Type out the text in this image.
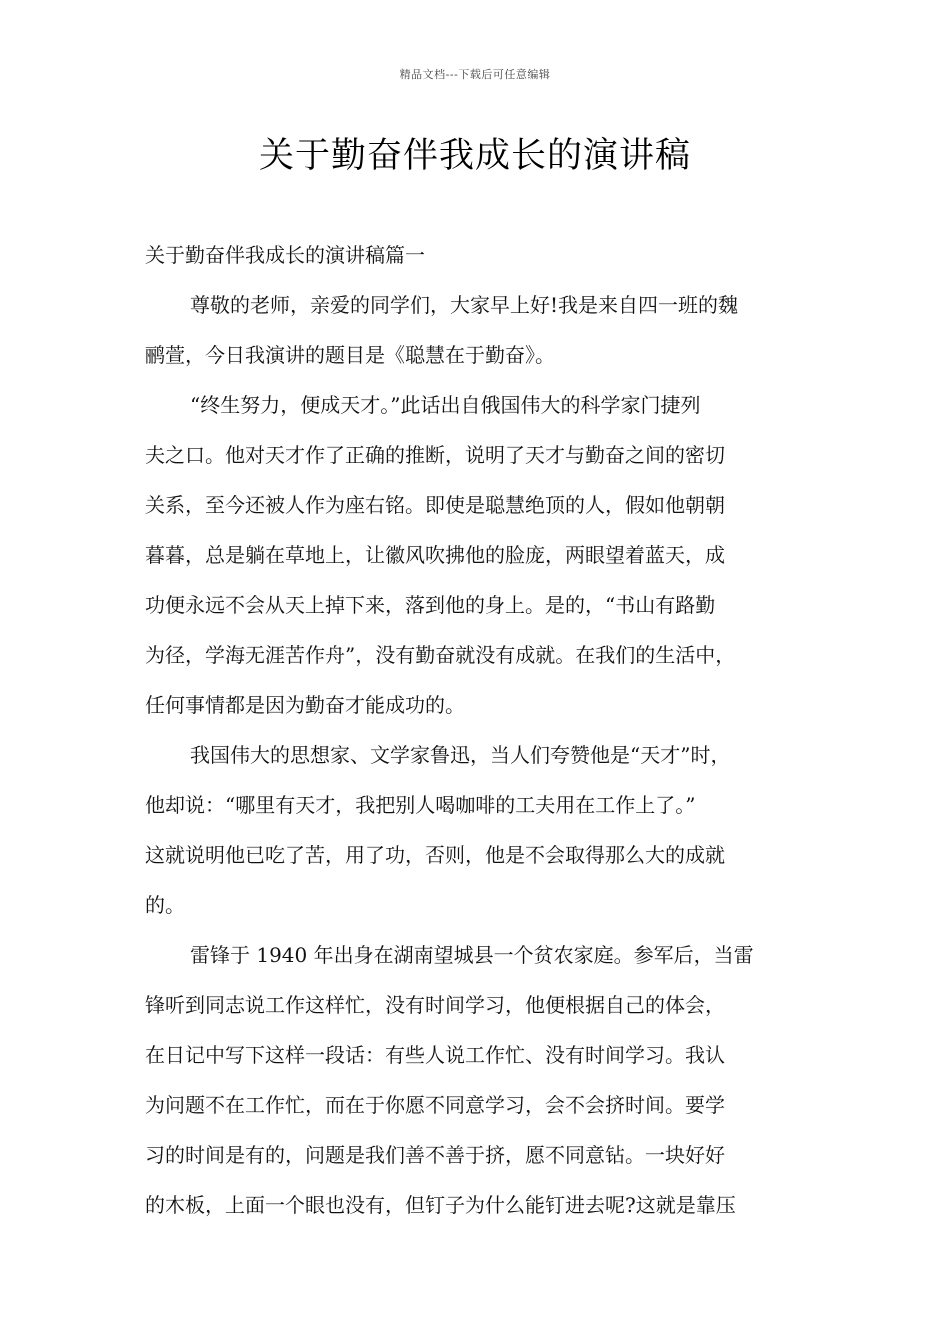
精品文档---下载后可任意编辑
关于勤奋伴我成长的演讲稿
关于勤奋伴我成长的演讲稿篇一
尊敬的老师，亲爱的同学们，大家早上好!我是来自四一班的魏
鹂萱，今日我演讲的题目是《聪慧在于勤奋》。
“终生努力，便成天才。”此话出自俄国伟大的科学家门捷列
夫之口。他对天才作了正确的推断，说明了天才与勤奋之间的密切
关系，至今还被人作为座右铭。即使是聪慧绝顶的人，假如他朝朝
暮暮，总是躺在草地上，让徽风吹拂他的脸庞，两眼望着蓝天，成
功便永远不会从天上掉下来，落到他的身上。是的，“书山有路勤
为径，学海无涯苦作舟”，没有勤奋就没有成就。在我们的生活中，
任何事情都是因为勤奋才能成功的。
我国伟大的思想家、文学家鲁迅，当人们夸赞他是“天才”时，
他却说：“哪里有天才，我把别人喝咖啡的工夫用在工作上了。”
这就说明他已吃了苦，用了功，否则，他是不会取得那么大的成就
的。
雷锋于 1940 年出身在湖南望城县一个贫农家庭。参军后，当雷
锋听到同志说工作这样忙，没有时间学习，他便根据自己的体会，
在日记中写下这样一段话：有些人说工作忙、没有时间学习。我认
为问题不在工作忙，而在于你愿不同意学习，会不会挤时间。要学
习的时间是有的，问题是我们善不善于挤，愿不同意钻。一块好好
的木板，上面一个眼也没有，但钉子为什么能钉进去呢?这就是靠压
